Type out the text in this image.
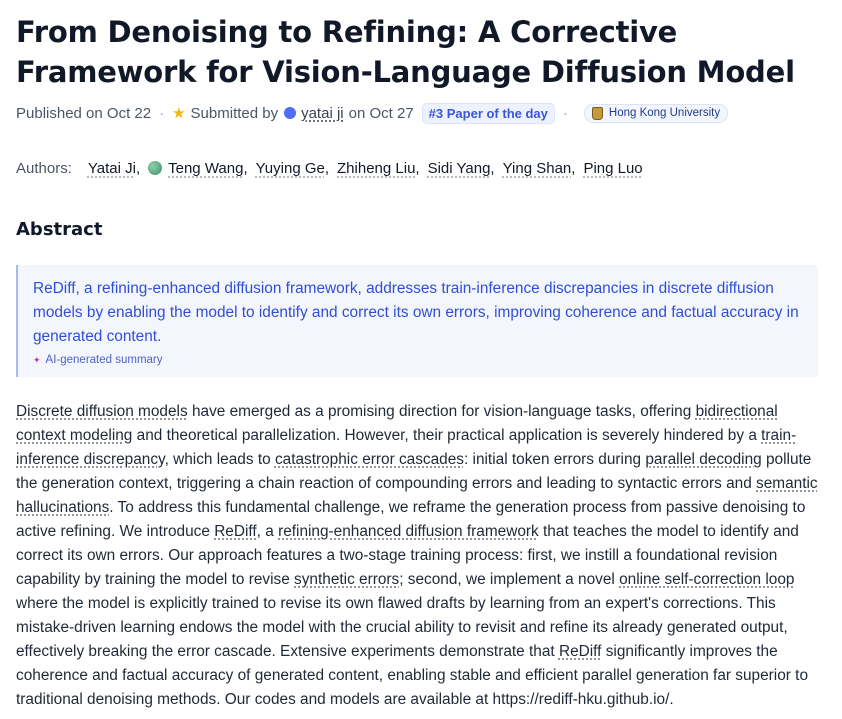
From Denoising to Refining: A Corrective Framework for Vision-Language Diffusion Model
Published on Oct 22 · ★ Submitted by yatai ji on Oct 27	#3 Paper of the day	·	Hong Kong University
Authors: Yatai Ji , Teng Wang , Yuying Ge , Zhiheng Liu , Sidi Yang , Ying Shan , Ping Luo
Abstract
ReDiff, a refining-enhanced diffusion framework, addresses train-inference discrepancies in discrete diffusion models by enabling the model to identify and correct its own errors, improving coherence and factual accuracy in generated content.
✦ AI-generated summary

Discrete diffusion models have emerged as a promising direction for vision-language tasks, offering bidirectional context modeling and theoretical parallelization. However, their practical application is severely hindered by a train-inference discrepancy, which leads to catastrophic error cascades: initial token errors during parallel decoding pollute the generation context, triggering a chain reaction of compounding errors and leading to syntactic errors and semantic hallucinations. To address this fundamental challenge, we reframe the generation process from passive denoising to active refining. We introduce ReDiff, a refining-enhanced diffusion framework that teaches the model to identify and correct its own errors. Our approach features a two-stage training process: first, we instill a foundational revision capability by training the model to revise synthetic errors; second, we implement a novel online self-correction loop where the model is explicitly trained to revise its own flawed drafts by learning from an expert's corrections. This mistake-driven learning endows the model with the crucial ability to revisit and refine its already generated output, effectively breaking the error cascade. Extensive experiments demonstrate that ReDiff significantly improves the coherence and factual accuracy of generated content, enabling stable and efficient parallel generation far superior to traditional denoising methods. Our codes and models are available at https://rediff-hku.github.io/.
